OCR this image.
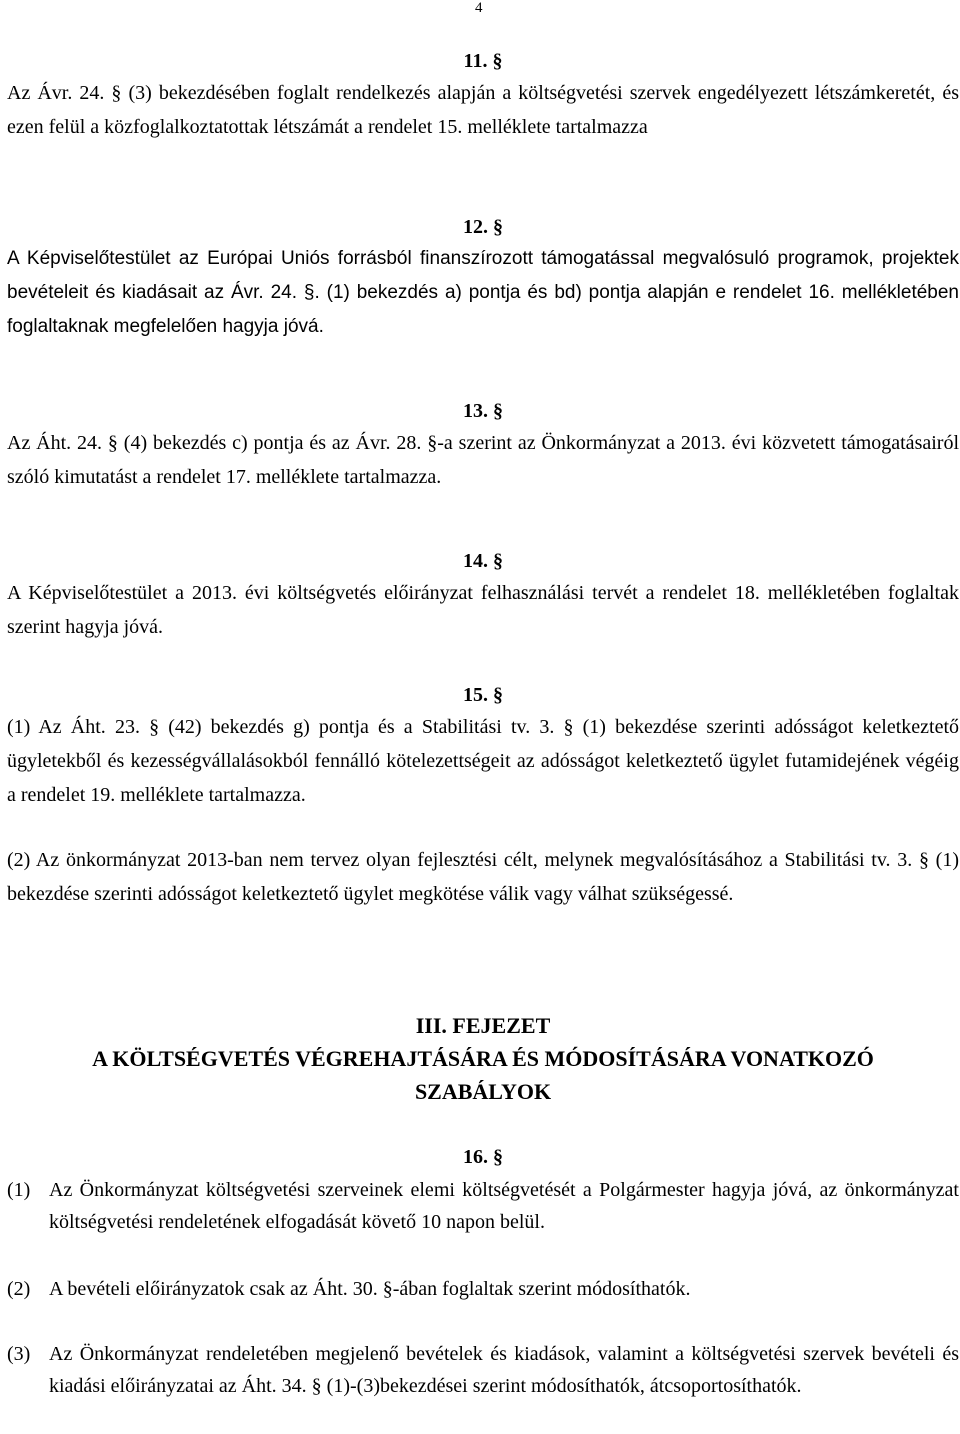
4
11. §
Az Ávr. 24. § (3) bekezdésében foglalt rendelkezés alapján a költségvetési szervek engedélyezett létszámkeretét, és ezen felül a közfoglalkoztatottak létszámát a rendelet 15. melléklete tartalmazza
12. §
A Képviselőtestület az Európai Uniós forrásból finanszírozott támogatással megvalósuló programok, projektek bevételeit és kiadásait az Ávr. 24. §. (1) bekezdés a) pontja és bd) pontja alapján e rendelet 16. mellékletében foglaltaknak megfelelően hagyja jóvá.
13. §
Az Áht. 24. § (4) bekezdés c) pontja és az Ávr. 28. §-a szerint az Önkormányzat a 2013. évi közvetett támogatásairól szóló kimutatást a rendelet 17. melléklete tartalmazza.
14. §
A Képviselőtestület a 2013. évi költségvetés előirányzat felhasználási tervét a rendelet 18. mellékletében foglaltak szerint hagyja jóvá.
15. §
(1) Az Áht. 23. § (42) bekezdés g) pontja és a Stabilitási tv. 3. § (1) bekezdése szerinti adósságot keletkeztető ügyletekből és kezességvállalásokból fennálló kötelezettségeit az adósságot keletkeztető ügylet futamidejének végéig a rendelet 19. melléklete tartalmazza.
(2) Az önkormányzat 2013-ban nem tervez olyan fejlesztési célt, melynek megvalósításához a Stabilitási tv. 3. § (1) bekezdése szerinti adósságot keletkeztető ügylet megkötése válik vagy válhat szükségessé.
III. FEJEZET
A KÖLTSÉGVETÉS VÉGREHAJTÁSÁRA ÉS MÓDOSÍTÁSÁRA VONATKOZÓ
SZABÁLYOK
16. §
(1) Az Önkormányzat költségvetési szerveinek elemi költségvetését a Polgármester hagyja jóvá, az önkormányzat költségvetési rendeletének elfogadását követő 10 napon belül.
(2) A bevételi előirányzatok csak az Áht. 30. §-ában foglaltak szerint módosíthatók.
(3) Az Önkormányzat rendeletében megjelenő bevételek és kiadások, valamint a költségvetési szervek bevételi és kiadási előirányzatai az Áht. 34. § (1)-(3)bekezdései szerint módosíthatók, átcsoportosíthatók.
